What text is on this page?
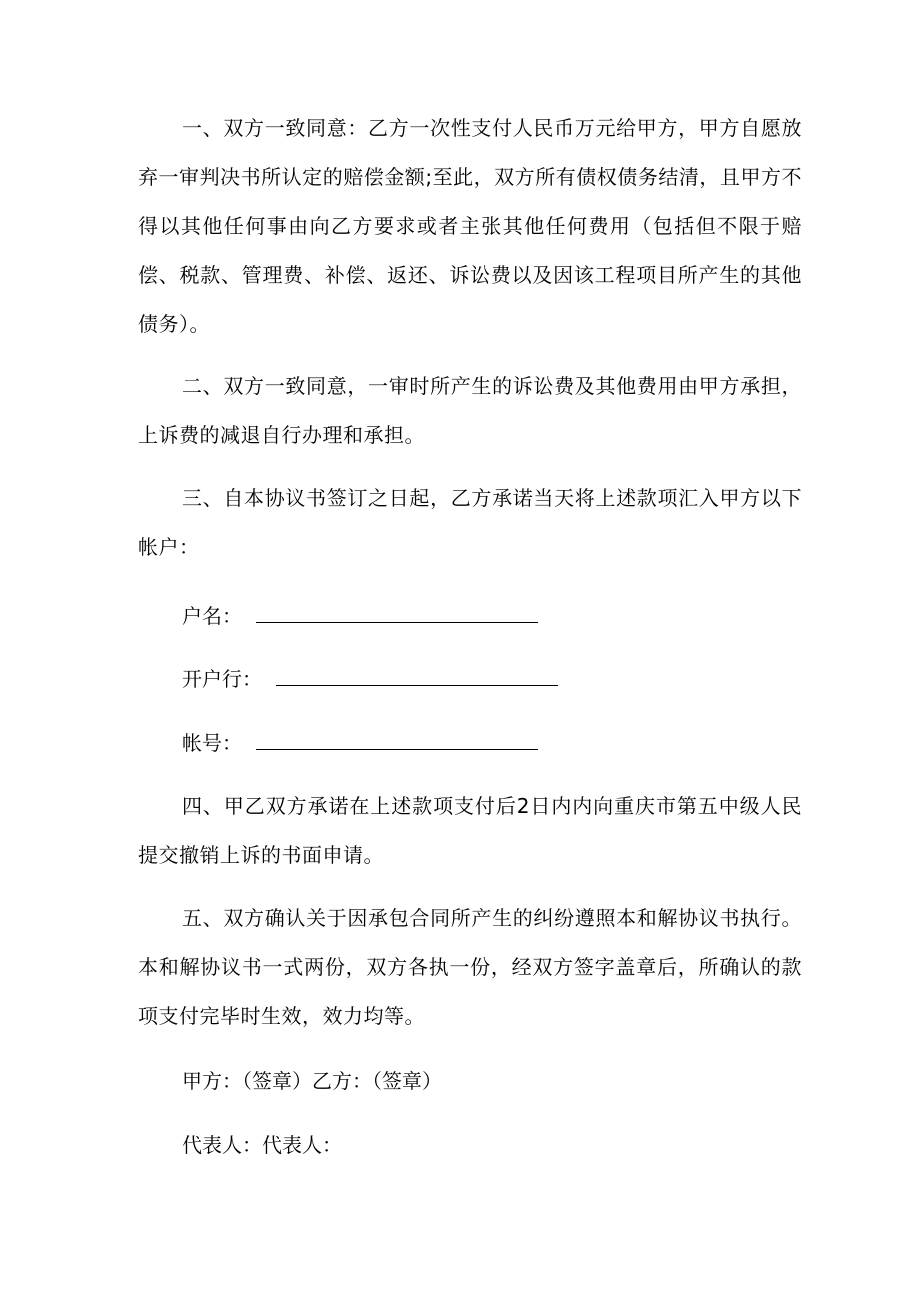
一、双方一致同意：乙方一次性支付人民币万元给甲方，甲方自愿放弃一审判决书所认定的赔偿金额;至此，双方所有债权债务结清，且甲方不得以其他任何事由向乙方要求或者主张其他任何费用（包括但不限于赔偿、税款、管理费、补偿、返还、诉讼费以及因该工程项目所产生的其他债务）。

二、双方一致同意，一审时所产生的诉讼费及其他费用由甲方承担，上诉费的减退自行办理和承担。

三、自本协议书签订之日起，乙方承诺当天将上述款项汇入甲方以下帐户：

户名：
开户行：
帐号：

四、甲乙双方承诺在上述款项支付后2日内内向重庆市第五中级人民提交撤销上诉的书面申请。

五、双方确认关于因承包合同所产生的纠纷遵照本和解协议书执行。本和解协议书一式两份，双方各执一份，经双方签字盖章后，所确认的款项支付完毕时生效，效力均等。

甲方：（签章）乙方：（签章）
代表人：代表人：
